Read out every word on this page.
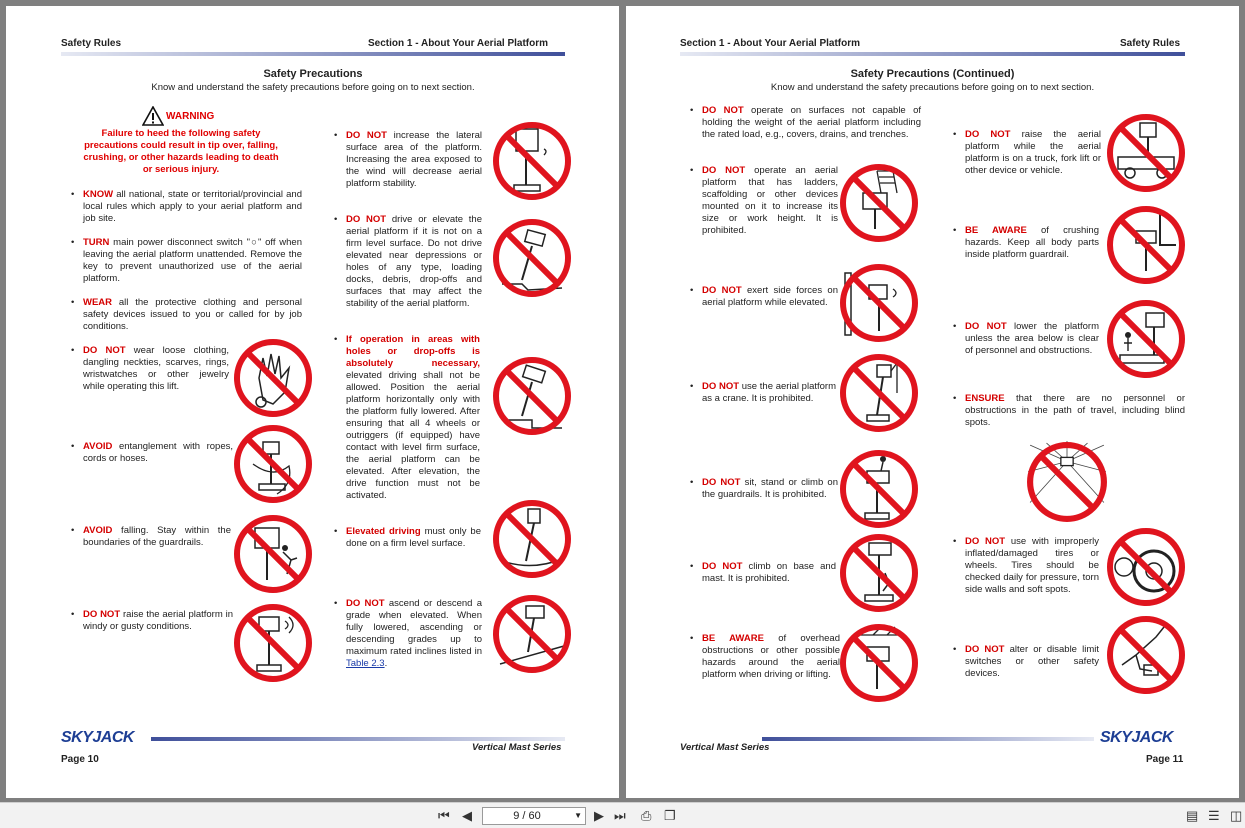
Safety Rules	Section 1 - About Your Aerial Platform
Safety Precautions
Know and understand the safety precautions before going on to next section.
WARNING
Failure to heed the following safety precautions could result in tip over, falling, crushing, or other hazards leading to death or serious injury.
• KNOW all national, state or territorial/provincial and local rules which apply to your aerial platform and job site.
• TURN main power disconnect switch "○" off when leaving the aerial platform unattended. Remove the key to prevent unauthorized use of the aerial platform.
• WEAR all the protective clothing and personal safety devices issued to you or called for by job conditions.
• DO NOT wear loose clothing, dangling neckties, scarves, rings, wristwatches or other jewelry while operating this lift.
• AVOID entanglement with ropes, cords or hoses.
• AVOID falling. Stay within the boundaries of the guardrails.
• DO NOT raise the aerial platform in windy or gusty conditions.
• DO NOT increase the lateral surface area of the platform. Increasing the area exposed to the wind will decrease aerial platform stability.
• DO NOT drive or elevate the aerial platform if it is not on a firm level surface. Do not drive elevated near depressions or holes of any type, loading docks, debris, drop-offs and surfaces that may affect the stability of the aerial platform.
• If operation in areas with holes or drop-offs is absolutely necessary, elevated driving shall not be allowed. Position the aerial platform horizontally only with the platform fully lowered. After ensuring that all 4 wheels or outriggers (if equipped) have contact with level firm surface, the aerial platform can be elevated. After elevation, the drive function must not be activated.
• Elevated driving must only be done on a firm level surface.
• DO NOT ascend or descend a grade when elevated. When fully lowered, ascending or descending grades up to maximum rated inclines listed in Table 2.3.
SKYJACK
Vertical Mast Series
Page 10
Section 1 - About Your Aerial Platform	Safety Rules
Safety Precautions (Continued)
Know and understand the safety precautions before going on to next section.
• DO NOT operate on surfaces not capable of holding the weight of the aerial platform including the rated load, e.g., covers, drains, and trenches.
• DO NOT operate an aerial platform that has ladders, scaffolding or other devices mounted on it to increase its size or work height. It is prohibited.
• DO NOT exert side forces on aerial platform while elevated.
• DO NOT use the aerial platform as a crane. It is prohibited.
• DO NOT sit, stand or climb on the guardrails. It is prohibited.
• DO NOT climb on base and mast. It is prohibited.
• BE AWARE of overhead obstructions or other possible hazards around the aerial platform when driving or lifting.
• DO NOT raise the aerial platform while the aerial platform is on a truck, fork lift or other device or vehicle.
• BE AWARE of crushing hazards. Keep all body parts inside platform guardrail.
• DO NOT lower the platform unless the area below is clear of personnel and obstructions.
• ENSURE that there are no personnel or obstructions in the path of travel, including blind spots.
• DO NOT use with improperly inflated/damaged tires or wheels. Tires should be checked daily for pressure, torn side walls and soft spots.
• DO NOT alter or disable limit switches or other safety devices.
SKYJACK
Vertical Mast Series
Page 11
⏮ ◀	9 / 60	▼ ▶ ⏭ ⎙ ❐	▤ ☰ ◫
